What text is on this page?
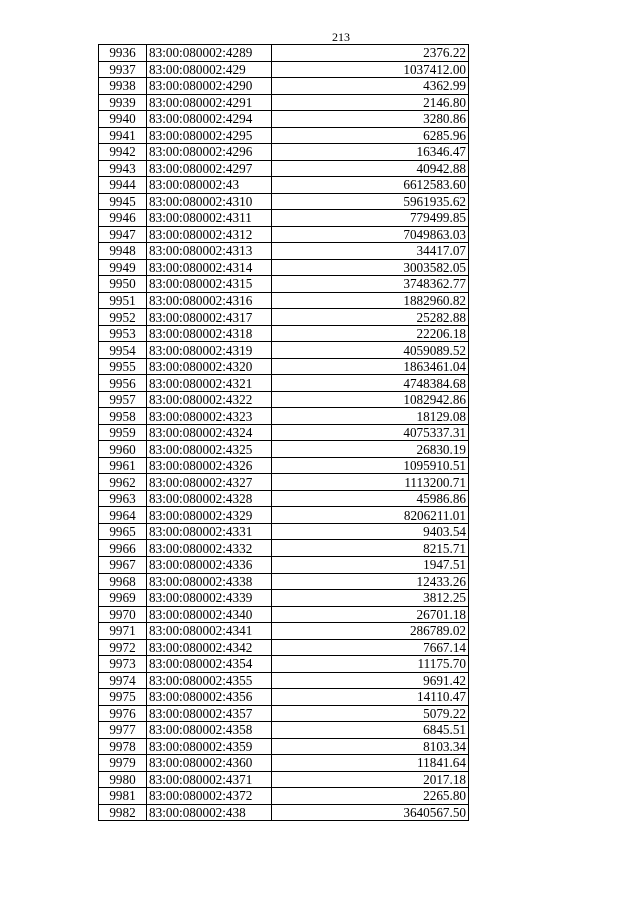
213
9936	83:00:080002:4289	2376.22
9937	83:00:080002:429	1037412.00
9938	83:00:080002:4290	4362.99
9939	83:00:080002:4291	2146.80
9940	83:00:080002:4294	3280.86
9941	83:00:080002:4295	6285.96
9942	83:00:080002:4296	16346.47
9943	83:00:080002:4297	40942.88
9944	83:00:080002:43	6612583.60
9945	83:00:080002:4310	5961935.62
9946	83:00:080002:4311	779499.85
9947	83:00:080002:4312	7049863.03
9948	83:00:080002:4313	34417.07
9949	83:00:080002:4314	3003582.05
9950	83:00:080002:4315	3748362.77
9951	83:00:080002:4316	1882960.82
9952	83:00:080002:4317	25282.88
9953	83:00:080002:4318	22206.18
9954	83:00:080002:4319	4059089.52
9955	83:00:080002:4320	1863461.04
9956	83:00:080002:4321	4748384.68
9957	83:00:080002:4322	1082942.86
9958	83:00:080002:4323	18129.08
9959	83:00:080002:4324	4075337.31
9960	83:00:080002:4325	26830.19
9961	83:00:080002:4326	1095910.51
9962	83:00:080002:4327	1113200.71
9963	83:00:080002:4328	45986.86
9964	83:00:080002:4329	8206211.01
9965	83:00:080002:4331	9403.54
9966	83:00:080002:4332	8215.71
9967	83:00:080002:4336	1947.51
9968	83:00:080002:4338	12433.26
9969	83:00:080002:4339	3812.25
9970	83:00:080002:4340	26701.18
9971	83:00:080002:4341	286789.02
9972	83:00:080002:4342	7667.14
9973	83:00:080002:4354	11175.70
9974	83:00:080002:4355	9691.42
9975	83:00:080002:4356	14110.47
9976	83:00:080002:4357	5079.22
9977	83:00:080002:4358	6845.51
9978	83:00:080002:4359	8103.34
9979	83:00:080002:4360	11841.64
9980	83:00:080002:4371	2017.18
9981	83:00:080002:4372	2265.80
9982	83:00:080002:438	3640567.50
